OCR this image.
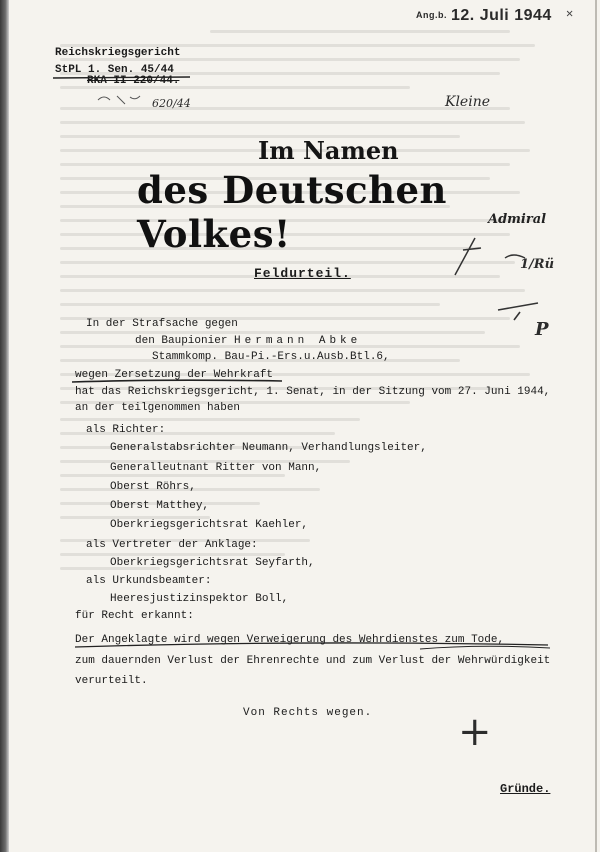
Ang.b. 12. Juli 1944 ✕
Reichskriegsgericht
StPL 1. Sen. 45/44
RKA II 220/44.
620/44	Kleine
Im Namen
des Deutschen Volkes!	Admiral
1/Rü
P
Feldurteil.
In der Strafsache gegen
den Baupionier Hermann Abke
Stammkomp. Bau-Pi.-Ers.u.Ausb.Btl.6,
wegen Zersetzung der Wehrkraft
hat das Reichskriegsgericht, 1. Senat, in der Sitzung vom 27. Juni 1944,
an der teilgenommen haben
als Richter:
Generalstabsrichter Neumann, Verhandlungsleiter,
Generalleutnant Ritter von Mann,
Oberst Röhrs,
Oberst Matthey,
Oberkriegsgerichtsrat Kaehler,
als Vertreter der Anklage:
Oberkriegsgerichtsrat Seyfarth,
als Urkundsbeamter:
Heeresjustizinspektor Boll,
für Recht erkannt:
Der Angeklagte wird wegen Verweigerung des Wehrdienstes zum Tode,
zum dauernden Verlust der Ehrenrechte und zum Verlust der Wehrwürdigkeit
verurteilt.
Von Rechts wegen. +
Gründe.
